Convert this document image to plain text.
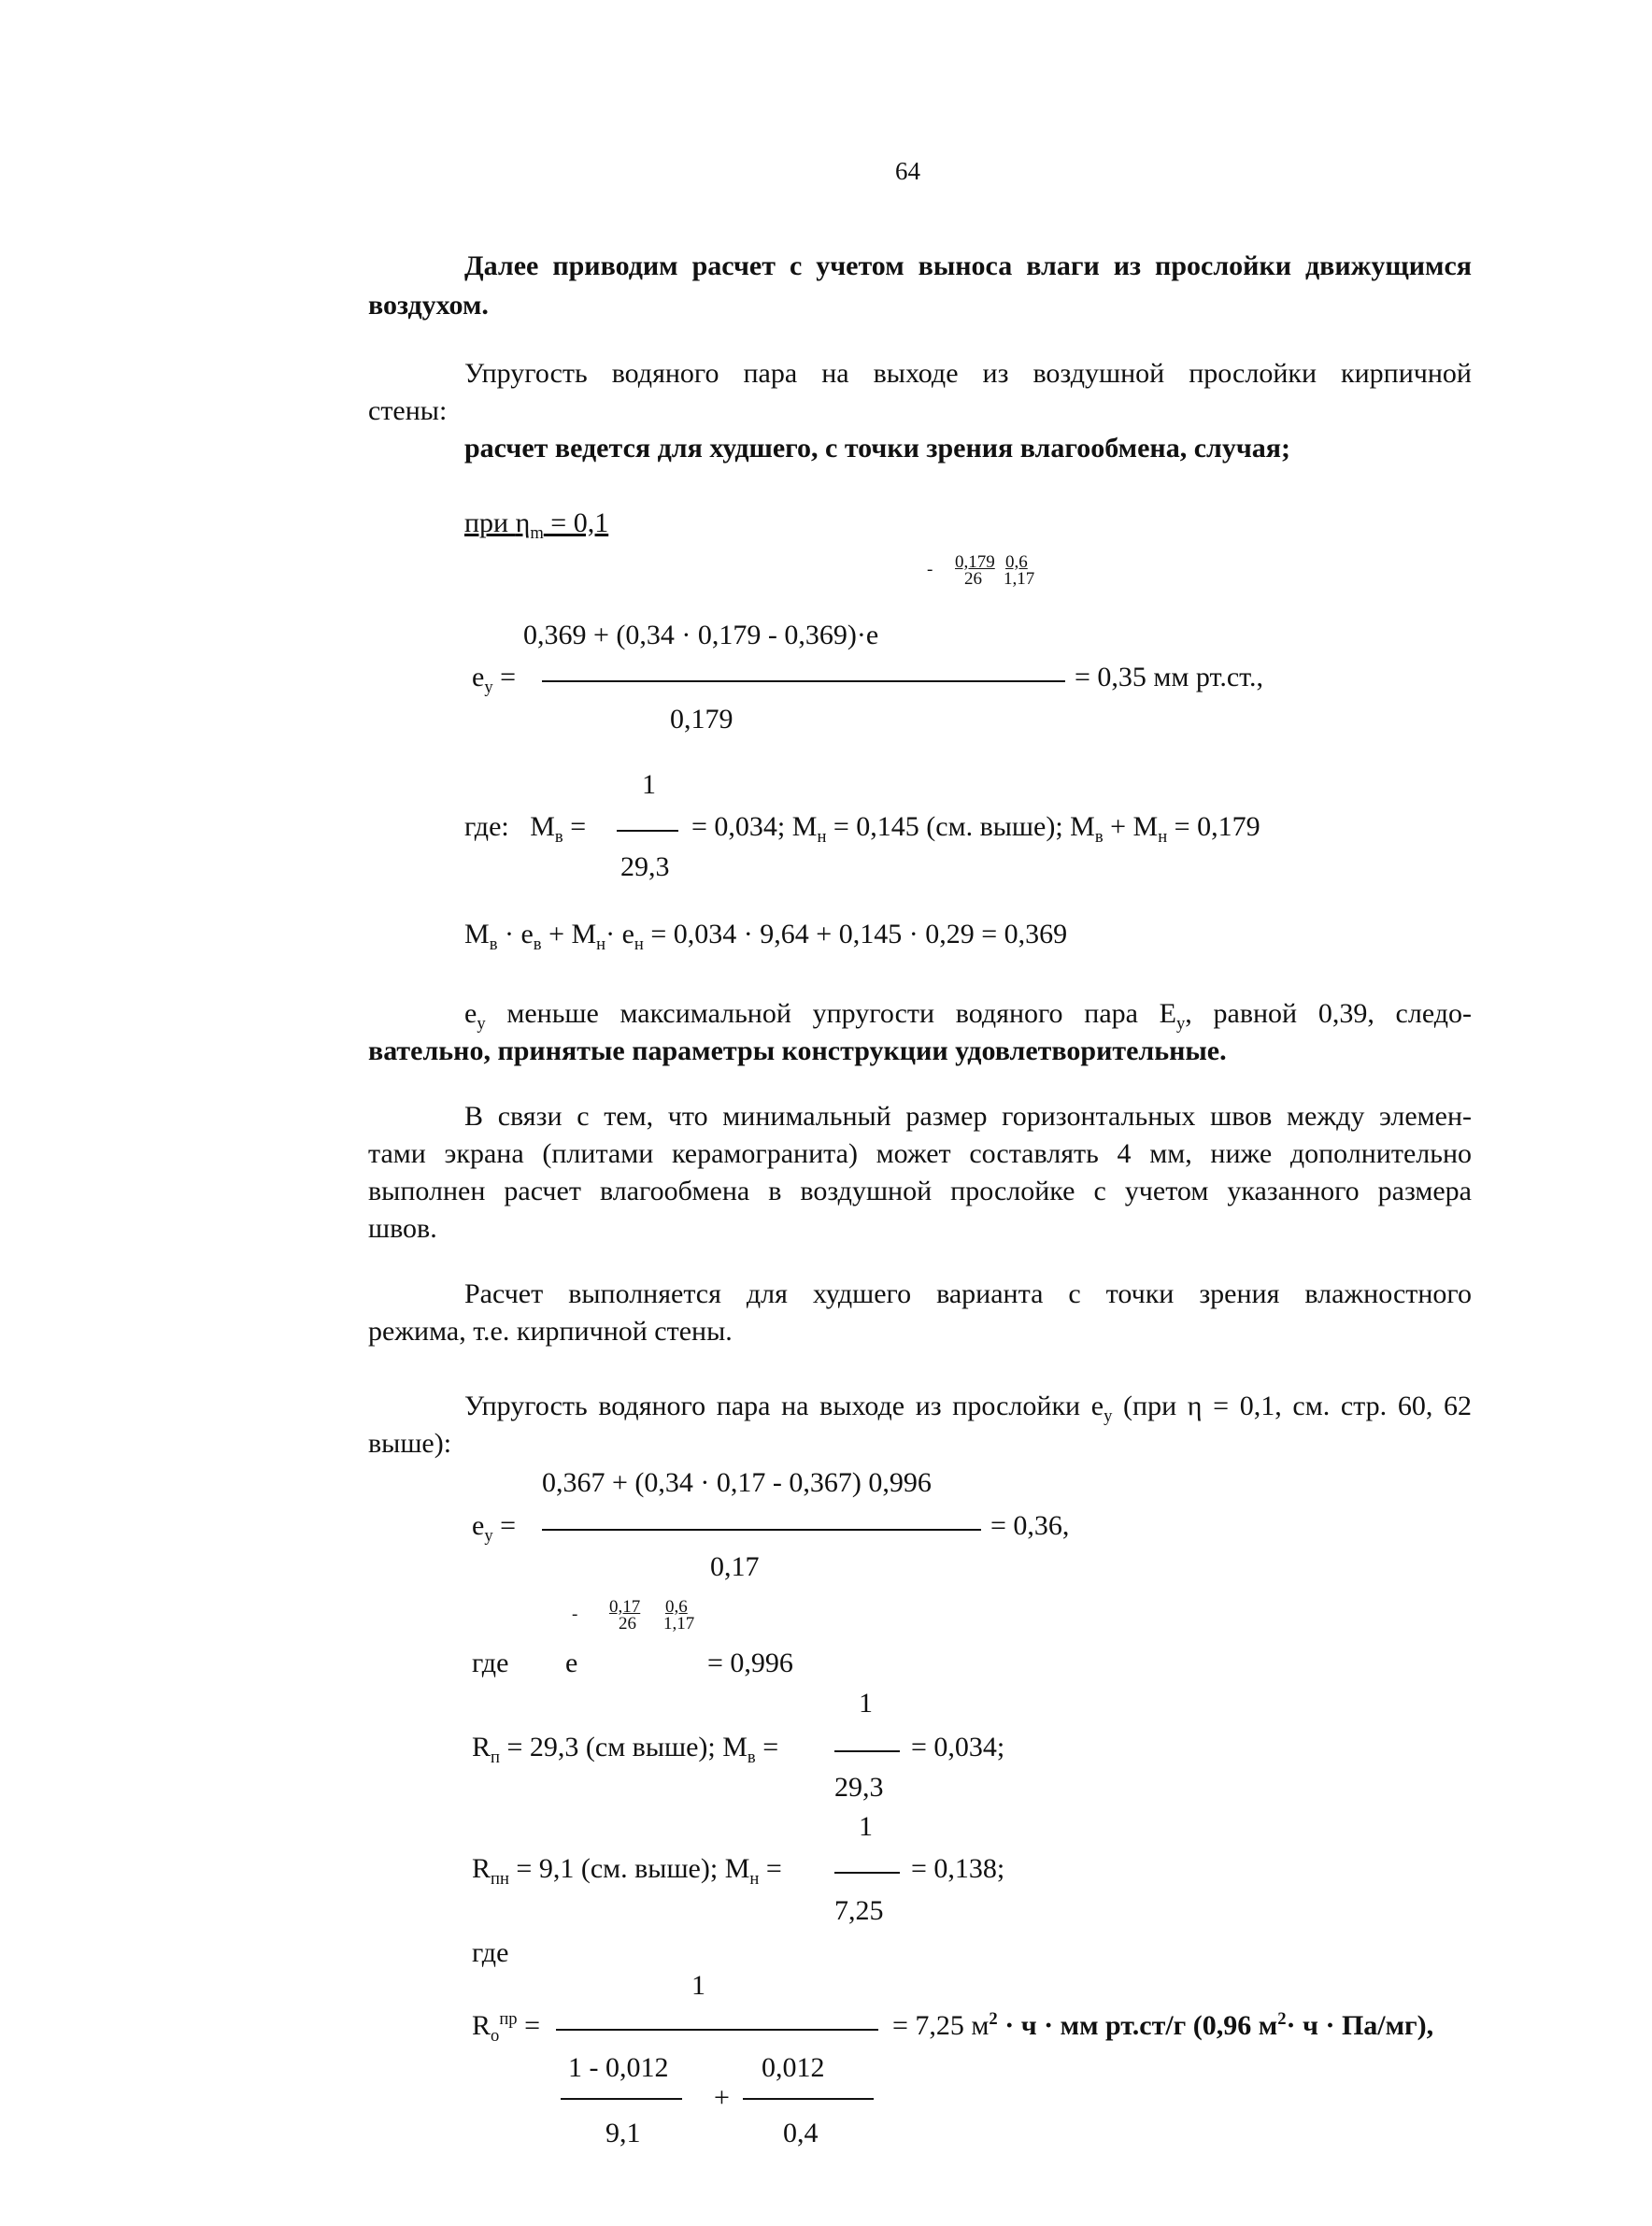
64
Далее приводим расчет с учетом выноса влаги из прослойки движущимся
воздухом.
Упругость водяного пара на выходе из воздушной прослойки кирпичной
стены:
расчет ведется для худшего, с точки зрения влагообмена, случая;
при $\eta_m = 0,1$
- 0,179
26
0,6
1,17
0,369 + (0,34 · 0,179 - 0,369)·е
$е_у$ =	= 0,35 мм рт.ст.,
0,179
1
где: $М_в$ =	= 0,034; $М_н = 0,145$ (см. выше); $М_в + М_н = 0,179$
29,3
$М_в \cdot е_в + М_н\cdot е_н = 0,034 \cdot 9,64 + 0,145 \cdot 0,29 = 0,369$
$е_у$ меньше максимальной упругости водяного пара $Е_у$, равной 0,39, следо-
вательно, принятые параметры конструкции удовлетворительные.
В связи с тем, что минимальный размер горизонтальных швов между элемен-
тами экрана (плитами керамогранита) может составлять 4 мм, ниже дополнительно
выполнен расчет влагообмена в воздушной прослойке с учетом указанного размера
швов.
Расчет выполняется для худшего варианта с точки зрения влажностного
режима, т.е. кирпичной стены.
Упругость водяного пара на выходе из прослойки $е_у$ (при η = 0,1, см. стр. 60, 62
выше):
0,367 + (0,34 · 0,17 - 0,367) 0,996
$е_у$ =	= 0,36,
0,17
- 0,17
26
0,6
1,17
где е	= 0,996
1
$R_п = 29,3$ (см выше); $М_в$ =	= 0,034;
29,3
1
$R_{пн} = 9,1$ (см. выше); $М_н$ =	= 0,138;
7,25
где
1
$R_о^{пр}$ =	= 7,25 $м^2 \cdot ч$ · мм рт.ст/г (0,96 $м^2\cdot ч \cdot Па/мг$),
1 - 0,012	0,012
+
9,1	0,4
